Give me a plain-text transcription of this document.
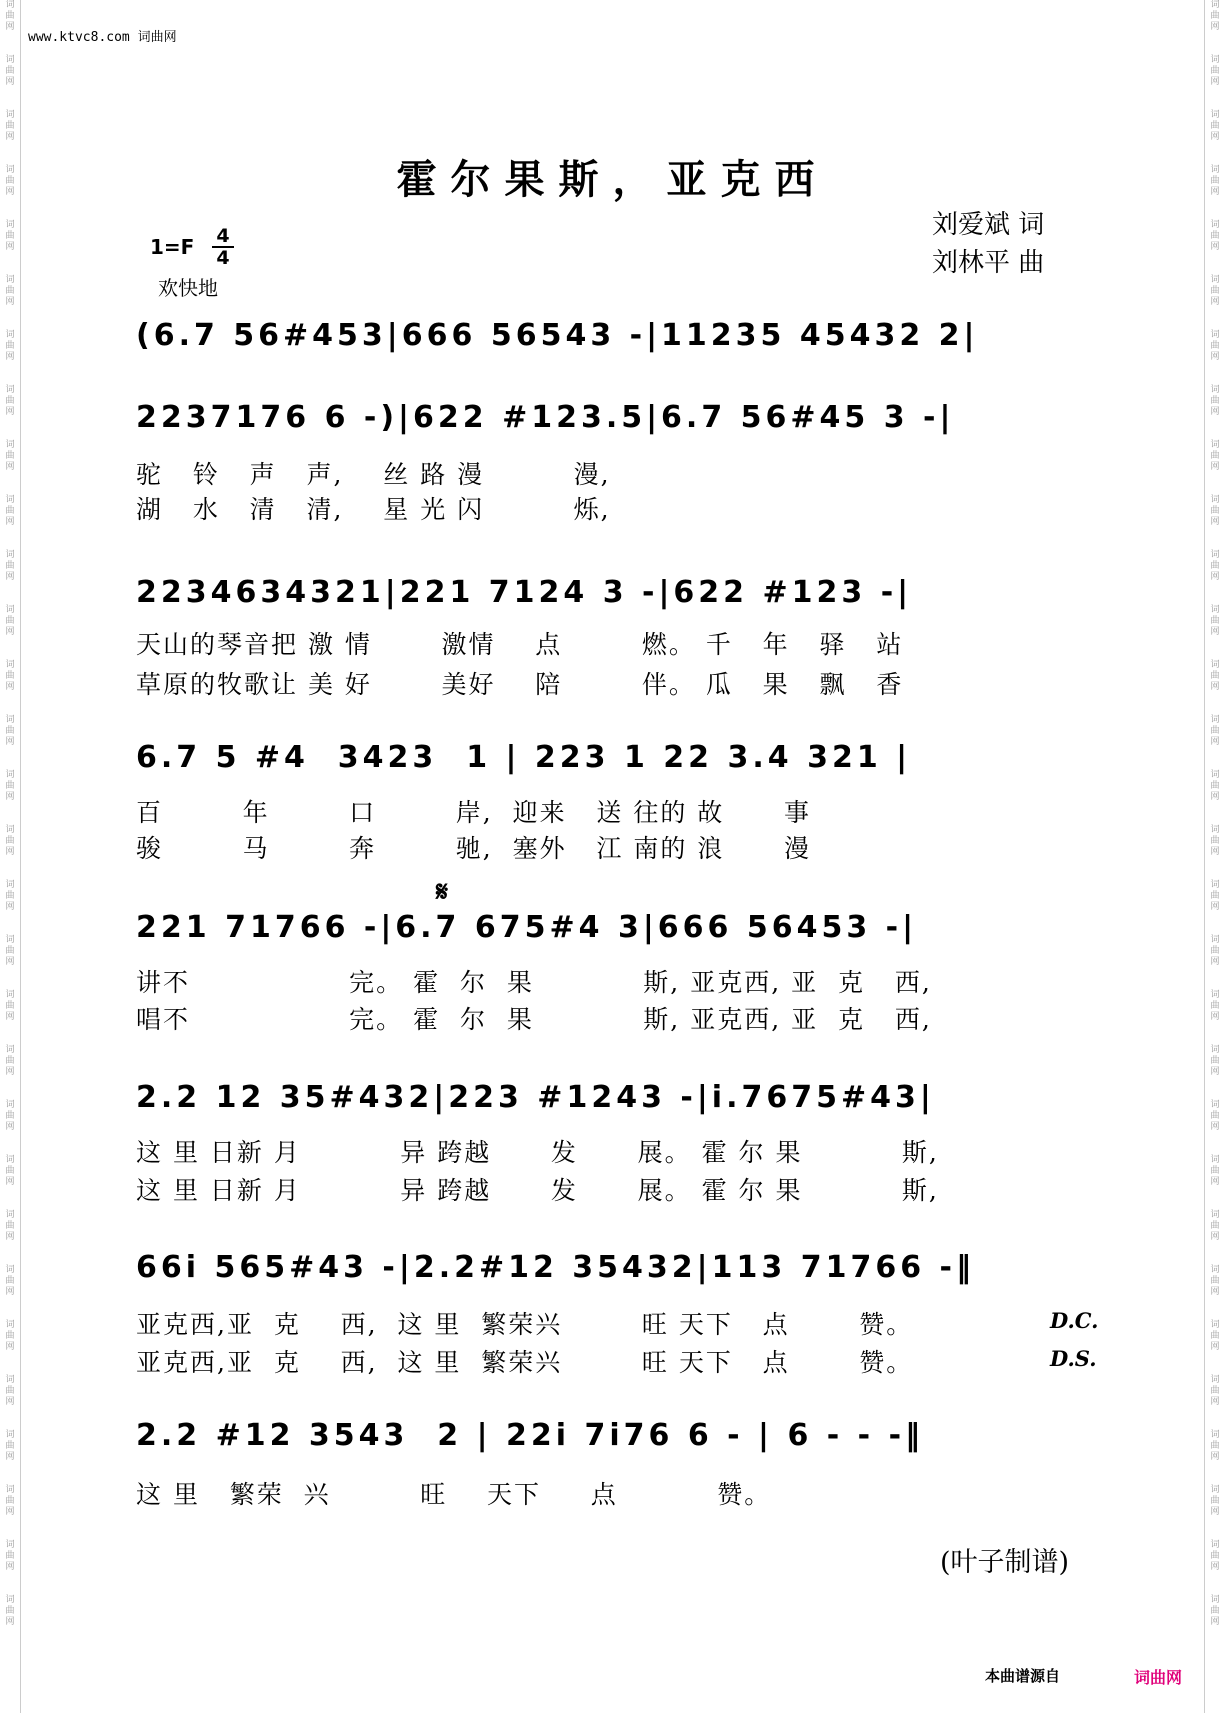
词
曲
网
词
曲
网
词
曲
网
词
曲
网
词
曲
网
词
曲
网
词
曲
网
词
曲
网
词
曲
网
词
曲
网
词
曲
网
词
曲
网
词
曲
网
词
曲
网
词
曲
网
词
曲
网
词
曲
网
词
曲
网
词
曲
网
词
曲
网
词
曲
网
词
曲
网
词
曲
网
词
曲
网
词
曲
网
词
曲
网
词
曲
网
词
曲
网
词
曲
网
词
曲
网
词
曲
网
词
曲
网
词
曲
网
词
曲
网
词
曲
网
词
曲
网
词
曲
网
词
曲
网
词
曲
网
词
曲
网
词
曲
网
词
曲
网
词
曲
网
词
曲
网
词
曲
网
词
曲
网
词
曲
网
词
曲
网
词
曲
网
词
曲
网
词
曲
网
词
曲
网
词
曲
网
词
曲
网
词
曲
网
词
曲
网
词
曲
网
词
曲
网
词
曲
网
词
曲
网
www.ktvc8.com 词曲网
霍尔果斯，亚克西
1=F 4
4
欢快地
刘爱斌 词
刘林平 曲
(6.7 56#453|666 56543 -|11235 45432 2|
2237176 6 -)|622 #123.5|6.7 56#45 3 -|
驼   铃   声   声,    丝 路 漫         漫,
湖   水   清   清,    星 光 闪         烁,
2234634321|221 7124 3 -|622 #123 -|
天山的琴音把 激 情       激情    点        燃。 千   年   驿   站
草原的牧歌让 美 好       美好    陪        伴。 瓜   果   飘   香
6.7 5 #4  3423  1 | 223 1 22 3.4 321 |
百        年        口        岸,  迎来   送 往的 故      事
骏        马        奔        驰,  塞外   江 南的 浪      漫
𝄋
221 71766 -|6.7 675#4 3|666 56453 -|
讲不                完。 霍  尔  果           斯, 亚克西, 亚  克   西,
唱不                完。 霍  尔  果           斯, 亚克西, 亚  克   西,
2.2 12 35#432|223 #1243 -|i.7675#43|
这 里 日新 月          异 跨越      发      展。 霍 尔 果          斯,
这 里 日新 月          异 跨越      发      展。 霍 尔 果          斯,
66i 565#43 -|2.2#12 35432|113 71766 -‖
亚克西,亚  克    西,  这 里  繁荣兴        旺 天下   点       赞。	D.C.
亚克西,亚  克    西,  这 里  繁荣兴        旺 天下   点       赞。	D.S.
2.2 #12 3543  2 | 22i 7i76 6 - | 6 - - -‖
这 里   繁荣  兴         旺    天下     点          赞。
(叶子制谱)
本曲谱源自	词曲网
